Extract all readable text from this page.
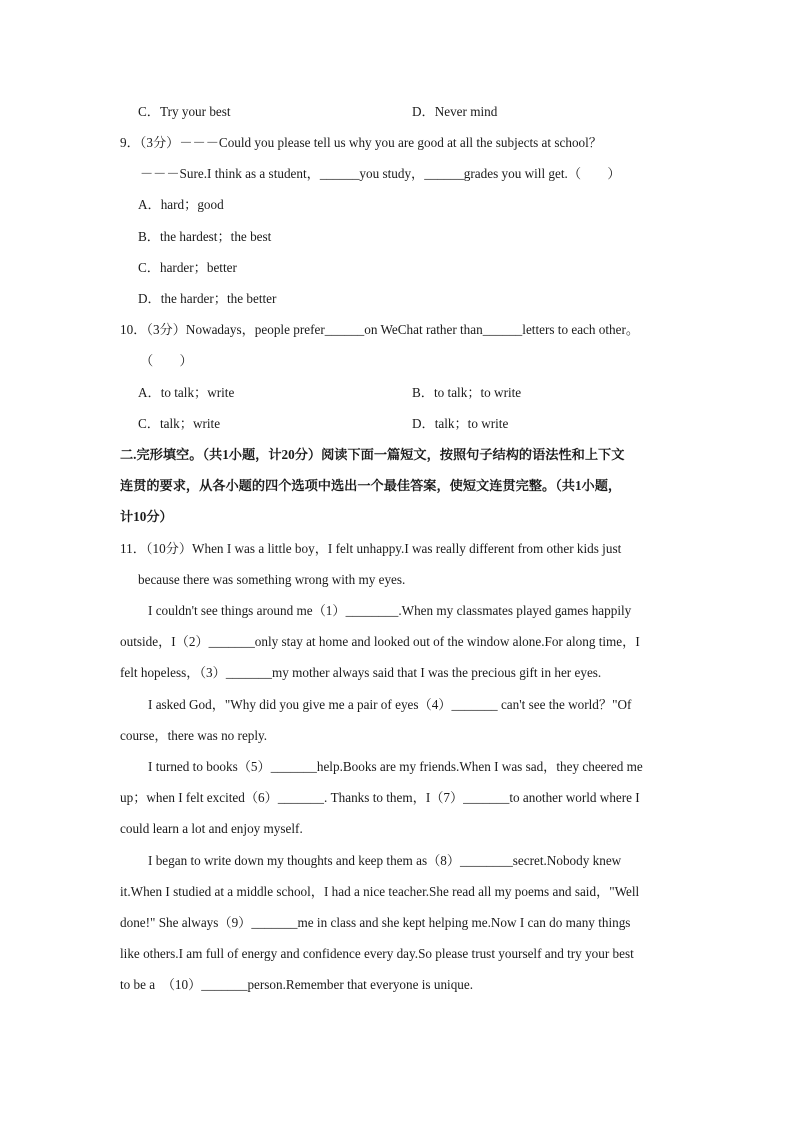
C．Try your best	D．Never mind
9．（3分）－－－Could you please tell us why you are good at all the subjects at school？
－－－Sure.I think as a student，______you study，______grades you will get.（　　）
A．hard；good
B．the hardest；the best
C．harder；better
D．the harder；the better
10．（3分）Nowadays，people prefer______on WeChat rather than______letters to each other。
（　　）
A．to talk；write	B．to talk；to write
C．talk；write	D．talk；to write
二.完形填空。（共1小题，计20分）阅读下面一篇短文，按照句子结构的语法性和上下文
连贯的要求，从各小题的四个选项中选出一个最佳答案，使短文连贯完整。（共1小题，
计10分）
11．（10分）When I was a little boy，I felt unhappy.I was really different from other kids just
because there was something wrong with my eyes.
I couldn't see things around me（1）________.When my classmates played games happily
outside，I（2）_______only stay at home and looked out of the window alone.For along time，I
felt hopeless，（3）_______my mother always said that I was the precious gift in her eyes.
I asked God，"Why did you give me a pair of eyes（4）_______ can't see the world？"Of
course，there was no reply.
I turned to books（5）_______help.Books are my friends.When I was sad，they cheered me
up；when I felt excited（6）_______. Thanks to them，I（7）_______to another world where I
could learn a lot and enjoy myself.
I began to write down my thoughts and keep them as（8）________secret.Nobody knew
it.When I studied at a middle school，I had a nice teacher.She read all my poems and said，"Well
done!" She always（9）_______me in class and she kept helping me.Now I can do many things
like others.I am full of energy and confidence every day.So please trust yourself and try your best
to be a　（10）_______person.Remember that everyone is unique.
